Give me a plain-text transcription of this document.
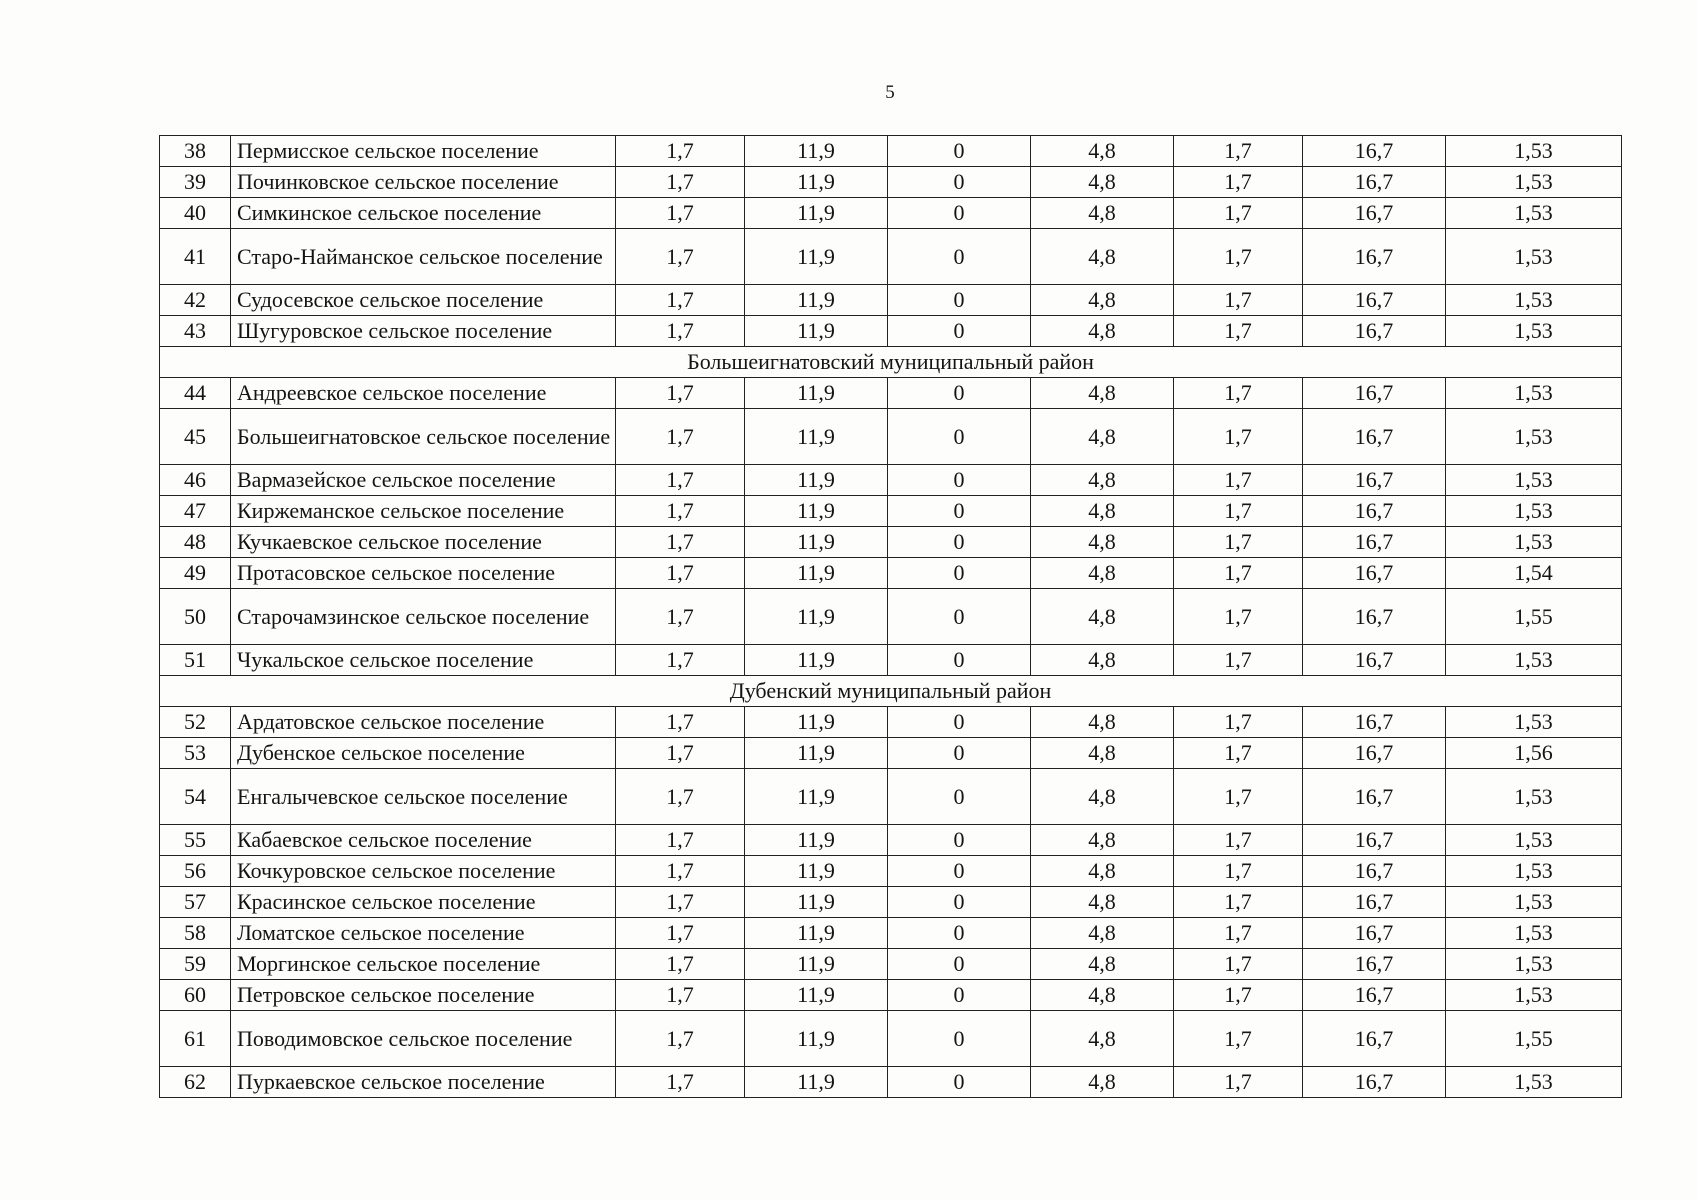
5
38	Пермисское сельское поселение	1,7	11,9	0	4,8	1,7	16,7	1,53
39	Починковское сельское поселение	1,7	11,9	0	4,8	1,7	16,7	1,53
40	Симкинское сельское поселение	1,7	11,9	0	4,8	1,7	16,7	1,53
41	Старо-Найманское сельское поселение	1,7	11,9	0	4,8	1,7	16,7	1,53
42	Судосевское сельское поселение	1,7	11,9	0	4,8	1,7	16,7	1,53
43	Шугуровское сельское поселение	1,7	11,9	0	4,8	1,7	16,7	1,53
Большеигнатовский муниципальный район								
44	Андреевское сельское поселение	1,7	11,9	0	4,8	1,7	16,7	1,53
45	Большеигнатовское сельское поселение	1,7	11,9	0	4,8	1,7	16,7	1,53
46	Вармазейское сельское поселение	1,7	11,9	0	4,8	1,7	16,7	1,53
47	Киржеманское сельское поселение	1,7	11,9	0	4,8	1,7	16,7	1,53
48	Кучкаевское сельское поселение	1,7	11,9	0	4,8	1,7	16,7	1,53
49	Протасовское сельское поселение	1,7	11,9	0	4,8	1,7	16,7	1,54
50	Старочамзинское сельское поселение	1,7	11,9	0	4,8	1,7	16,7	1,55
51	Чукальское сельское поселение	1,7	11,9	0	4,8	1,7	16,7	1,53
Дубенский муниципальный район								
52	Ардатовское сельское поселение	1,7	11,9	0	4,8	1,7	16,7	1,53
53	Дубенское сельское поселение	1,7	11,9	0	4,8	1,7	16,7	1,56
54	Енгалычевское сельское поселение	1,7	11,9	0	4,8	1,7	16,7	1,53
55	Кабаевское сельское поселение	1,7	11,9	0	4,8	1,7	16,7	1,53
56	Кочкуровское сельское поселение	1,7	11,9	0	4,8	1,7	16,7	1,53
57	Красинское сельское поселение	1,7	11,9	0	4,8	1,7	16,7	1,53
58	Ломатское сельское поселение	1,7	11,9	0	4,8	1,7	16,7	1,53
59	Моргинское сельское поселение	1,7	11,9	0	4,8	1,7	16,7	1,53
60	Петровское сельское поселение	1,7	11,9	0	4,8	1,7	16,7	1,53
61	Поводимовское сельское поселение	1,7	11,9	0	4,8	1,7	16,7	1,55
62	Пуркаевское сельское поселение	1,7	11,9	0	4,8	1,7	16,7	1,53
